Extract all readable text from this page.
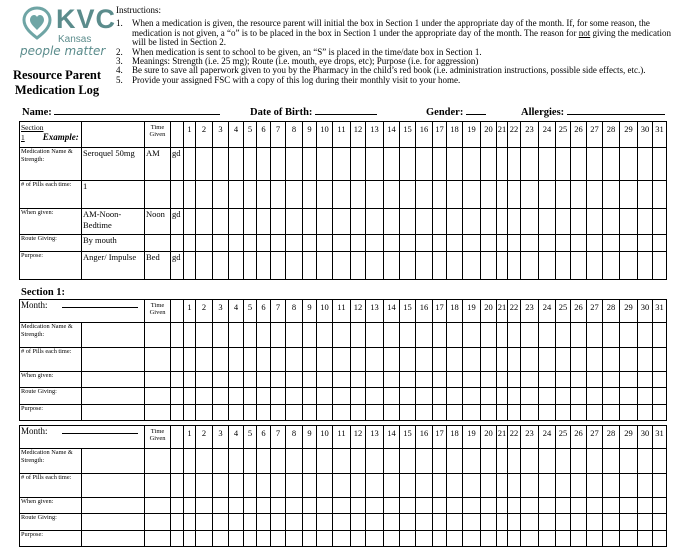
KVC
Kansas
people matter
Resource Parent
Medication Log
Instructions:
1. When a medication is given, the resource parent will initial the box in Section 1 under the appropriate day of the month. If, for some reason, the medication is not given, a “o” is to be placed in the box in Section 1 under the appropriate day of the month. The reason for not giving the medication will be listed in Section 2.
2. When medication is sent to school to be given, an “S” is placed in the time/date box in Section 1.
3. Meanings: Strength (i.e. 25 mg); Route (i.e. mouth, eye drops, etc); Purpose (i.e. for aggression)
4. Be sure to save all paperwork given to you by the Pharmacy in the child’s red book (i.e. administration instructions, possible side effects, etc.).
5. Provide your assigned FSC with a copy of this log during their monthly visit to your home.
Name:	Date of Birth:	Gender:	Allergies:
Section 1 Example:		Time Given		1	2	3	4	5	6	7	8	9	10	11	12	13	14	15	16	17	18	19	20	21	22	23	24	25	26	27	28	29	30	31
Medication Name & Strength:	Seroquel 50mg	AM	gd																															
# of Pills each time:	1																																	
When given:	AM-Noon-Bedtime	Noon	gd																															
Route Giving:	By mouth																																	
Purpose:	Anger/ Impulse	Bed	gd																															
Section 1:
Month:		Time Given		1	2	3	4	5	6	7	8	9	10	11	12	13	14	15	16	17	18	19	20	21	22	23	24	25	26	27	28	29	30	31
Medication Name & Strength:																																		
# of Pills each time:																																		
When given:																																		
Route Giving:																																		
Purpose:																																		
Month:		Time Given		1	2	3	4	5	6	7	8	9	10	11	12	13	14	15	16	17	18	19	20	21	22	23	24	25	26	27	28	29	30	31
Medication Name & Strength:																																		
# of Pills each time:																																		
When given:																																		
Route Giving:																																		
Purpose:																																		
